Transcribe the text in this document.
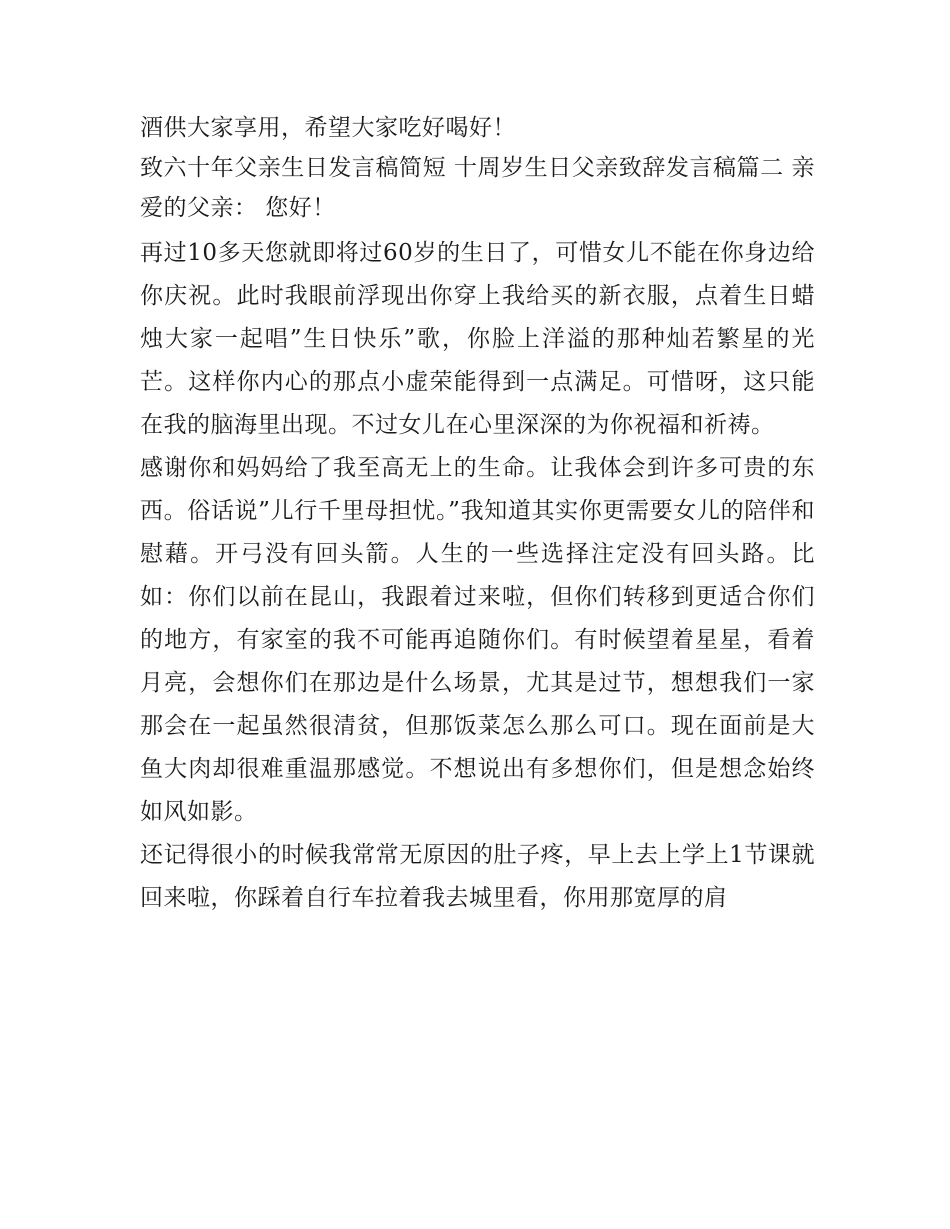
酒供大家享用，希望大家吃好喝好！

致六十年父亲生日发言稿简短 十周岁生日父亲致辞发言稿篇二 亲爱的父亲： 您好！

再过10多天您就即将过60岁的生日了，可惜女儿不能在你身边给你庆祝。此时我眼前浮现出你穿上我给买的新衣服，点着生日蜡烛大家一起唱”生日快乐”歌，你脸上洋溢的那种灿若繁星的光芒。这样你内心的那点小虚荣能得到一点满足。可惜呀，这只能在我的脑海里出现。不过女儿在心里深深的为你祝福和祈祷。

感谢你和妈妈给了我至高无上的生命。让我体会到许多可贵的东西。俗话说”儿行千里母担忧。”我知道其实你更需要女儿的陪伴和慰藉。开弓没有回头箭。人生的一些选择注定没有回头路。比如：你们以前在昆山，我跟着过来啦，但你们转移到更适合你们的地方，有家室的我不可能再追随你们。有时候望着星星，看着月亮，会想你们在那边是什么场景，尤其是过节，想想我们一家那会在一起虽然很清贫，但那饭菜怎么那么可口。现在面前是大鱼大肉却很难重温那感觉。不想说出有多想你们，但是想念始终如风如影。

还记得很小的时候我常常无原因的肚子疼，早上去上学上1节课就回来啦，你踩着自行车拉着我去城里看，你用那宽厚的肩
